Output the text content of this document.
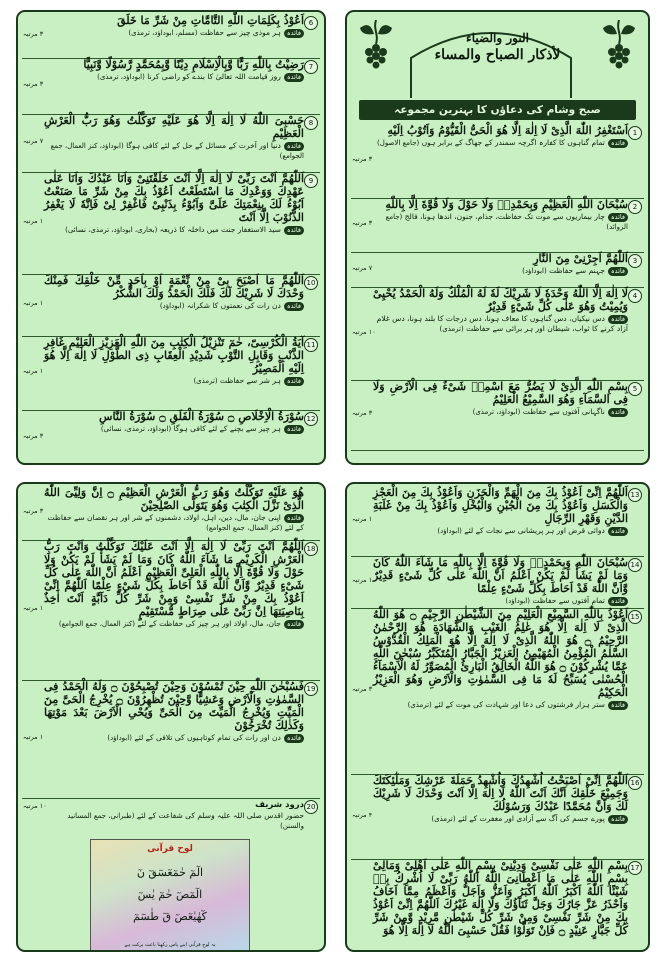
6
اَعُوْذُ بِكَلِمَاتِ اللّٰهِ التَّامَّاتِ مِنْ شَرِّ مَا خَلَقَ
فائدہہر موذی چیز سے حفاظت (مسلم، ابوداؤد، ترمذی)
۳ مرتبہ
7
رَضِیْتُ بِاللّٰهِ رَبًّا وَّبِالْاِسْلَامِ دِیْنًا وَّبِمُحَمَّدٍ رَّسُوْلًا وَّنَبِیًّا
فائدہروز قیامت اللہ تعالیٰ کا بندے کو راضی کرنا (ابوداؤد، ترمذی)
۳ مرتبہ
8
حَسْبِیَ اللّٰهُ لَا اِلٰهَ اِلَّا هُوَ عَلَیْهِ تَوَكَّلْتُ وَهُوَ رَبُّ الْعَرْشِ الْعَظِیْمِ
فائدہدنیا اور آخرت کے مسائل کے حل کے لئے کافی ہوگا (ابوداؤد، کنز العمال، جمع الجوامع)
۷ مرتبہ
9
اَللّٰهُمَّ اَنْتَ رَبِّیْ لَا اِلٰهَ اِلَّا اَنْتَ خَلَقْتَنِیْ وَاَنَا عَبْدُكَ وَاَنَا عَلٰی عَهْدِكَ وَوَعْدِكَ مَا اسْتَطَعْتُ اَعُوْذُ بِكَ مِنْ شَرِّ مَا صَنَعْتُ اَبُوْءُ لَكَ بِنِعْمَتِكَ عَلَیَّ وَاَبُوْءُ بِذَنْبِیْ فَاغْفِرْ لِیْ فَاِنَّهٗ لَا یَغْفِرُ الذُّنُوْبَ اِلَّا اَنْتَ
فائدہسید الاستغفار جنت میں داخلہ کا ذریعہ (بخاری، ابوداؤد، ترمذی، نسائی)
۱ مرتبہ
10
اَللّٰهُمَّ مَا اَصْبَحَ بِیْ مِنْ نِّعْمَةٍ اَوْ بِاَحَدٍ مِّنْ خَلْقِكَ فَمِنْكَ وَحْدَكَ لَا شَرِیْكَ لَكَ فَلَكَ الْحَمْدُ وَلَكَ الشُّكْرُ
فائدہدن رات کی نعمتوں کا شکرانہ (ابوداؤد)
۱ مرتبہ
11
آیَةُ الْكُرْسِیّ، حٰمٓ تَنْزِیْلُ الْكِتٰبِ مِنَ اللّٰهِ الْعَزِیْزِ الْعَلِیْمِ غَافِرِ الذَّنْبِ وَقَابِلِ التَّوْبِ شَدِیْدِ الْعِقَابِ ذِی الطَّوْلِ لَا اِلٰهَ اِلَّا هُوَ اِلَیْهِ الْمَصِیْرُ
فائدہہر شر سے حفاظت (ترمذی)
۱ مرتبہ
12
سُوْرَةُ الْاِخْلَاصِ ۝ سُوْرَةُ الْفَلَقِ ۝ سُوْرَةُ النَّاسِ
فائدہہر چیز سے بچنے کے لئے کافی ہوگا (ابوداؤد، ترمذی، نسائی)
۳ مرتبہ
النور والضياء
لأذكار الصباح والمساء
صبح وشام کی دعاؤں کا بہترین مجموعہ
1
اَسْتَغْفِرُ اللّٰهَ الَّذِیْ لَا اِلٰهَ اِلَّا هُوَ الْحَیُّ الْقَیُّوْمُ وَاَتُوْبُ اِلَیْهِ
فائدہتمام گناہوں کا کفارہ اگرچہ سمندر کے جھاگ کے برابر ہوں (جامع الاصول)
۳ مرتبہ
2
سُبْحَانَ اللّٰهِ الْعَظِیْمِ وَبِحَمْدِهٖ وَلَا حَوْلَ وَلَا قُوَّةَ اِلَّا بِاللّٰهِ
فائدہچار بیماریوں سے موت تک حفاظت، جذام، جنون، اندھا ہونا، فالج (جامع الزوائد)
۳ مرتبہ
3
اَللّٰهُمَّ اَجِرْنِیْ مِنَ النَّارِ
فائدہجہنم سے حفاظت (ابوداؤد)
۷ مرتبہ
4
لَا اِلٰهَ اِلَّا اللّٰهُ وَحْدَهٗ لَا شَرِیْكَ لَهٗ لَهُ الْمُلْكُ وَلَهُ الْحَمْدُ یُحْیِیْ وَیُمِیْتُ وَهُوَ عَلٰی كُلِّ شَیْءٍ قَدِیْرٌ
فائدہدس نیکیاں، دس گناہوں کا معاف ہونا، دس درجات کا بلند ہونا، دس غلام آزاد کرنے کا ثواب، شیطان اور ہر برائی سے حفاظت (ترمذی)
۱۰ مرتبہ
5
بِسْمِ اللّٰهِ الَّذِیْ لَا یَضُرُّ مَعَ اسْمِهٖ شَیْءٌ فِی الْاَرْضِ وَلَا فِی السَّمَآءِ وَهُوَ السَّمِیْعُ الْعَلِیْمُ
فائدہناگہانی آفتوں سے حفاظت (ابوداؤد، ترمذی)
۳ مرتبہ
20
درود شریف
حضور اقدس صلی اللہ علیہ وسلم کی شفاعت کے لئے (طبرانی، جمع المسانید والسنن)
۱۰ مرتبہ
لوح قرآنی
الٓمٓ حٰمٓعٓسٓقٓ نٓ
الٓمٓصٓ حٰمٓ یٰسٓ
كٓهٰیٰعٓصٓ قٓ طٰسٓمٓ
یہ لوح قرآنی اپنے پاس رکھنا باعث برکت ہے
هُوَ عَلَیْهِ تَوَكَّلْتُ وَهُوَ رَبُّ الْعَرْشِ الْعَظِیْمِ ۝ اِنَّ وَلِیِّیَ اللّٰهُ الَّذِیْ نَزَّلَ الْكِتٰبَ وَهُوَ یَتَوَلَّی الصّٰلِحِیْنَ
فائدہاپنی جان، مال، دین، اہل، اولاد، دشمنوں کے شر اور ہر نقصان سے حفاظت کے لئے (کنز العمال، جمع الجوامع)
۳ مرتبہ
18
اَللّٰهُمَّ اَنْتَ رَبِّیْ لَا اِلٰهَ اِلَّا اَنْتَ عَلَیْكَ تَوَكَّلْتُ وَاَنْتَ رَبُّ الْعَرْشِ الْكَرِیْمِ مَا شَآءَ اللّٰهُ كَانَ وَمَا لَمْ یَشَأْ لَمْ یَكُنْ وَلَا حَوْلَ وَلَا قُوَّةَ اِلَّا بِاللّٰهِ الْعَلِیِّ الْعَظِیْمِ اَعْلَمُ اَنَّ اللّٰهَ عَلٰی كُلِّ شَیْءٍ قَدِیْرٌ وَّاَنَّ اللّٰهَ قَدْ اَحَاطَ بِكُلِّ شَیْءٍ عِلْمًا اَللّٰهُمَّ اِنِّیْ اَعُوْذُ بِكَ مِنْ شَرِّ نَفْسِیْ وَمِنْ شَرِّ كُلِّ دَآبَّةٍ اَنْتَ اٰخِذٌ بِنَاصِیَتِهَا اِنَّ رَبِّیْ عَلٰی صِرَاطٍ مُّسْتَقِیْمٍ
فائدہجان، مال، اولاد اور ہر چیز کی حفاظت کے لئے (کنز العمال، جمع الجوامع)
۱ مرتبہ
19
فَسُبْحٰنَ اللّٰهِ حِیْنَ تُمْسُوْنَ وَحِیْنَ تُصْبِحُوْنَ ۝ وَلَهُ الْحَمْدُ فِی السَّمٰوٰتِ وَالْاَرْضِ وَعَشِیًّا وَّحِیْنَ تُظْهِرُوْنَ ۝ یُخْرِجُ الْحَیَّ مِنَ الْمَیِّتِ وَیُخْرِجُ الْمَیِّتَ مِنَ الْحَیِّ وَیُحْیِ الْاَرْضَ بَعْدَ مَوْتِهَا وَكَذٰلِكَ تُخْرَجُوْنَ
فائدہدن اور رات کی تمام کوتاہیوں کی تلافی کے لئے (ابوداؤد)
۱ مرتبہ
13
اَللّٰهُمَّ اِنِّیْ اَعُوْذُ بِكَ مِنَ الْهَمِّ وَالْحَزَنِ وَاَعُوْذُ بِكَ مِنَ الْعَجْزِ وَالْكَسَلِ وَاَعُوْذُ بِكَ مِنَ الْجُبْنِ وَالْبُخْلِ وَاَعُوْذُ بِكَ مِنْ غَلَبَةِ الدَّیْنِ وَقَهْرِ الرِّجَالِ
فائدہدوائی قرض اور ہر پریشانی سے نجات کے لئے (ابوداؤد)
۱ مرتبہ
14
سُبْحَانَ اللّٰهِ وَبِحَمْدِهٖ وَلَا قُوَّةَ اِلَّا بِاللّٰهِ مَا شَآءَ اللّٰهُ كَانَ وَمَا لَمْ یَشَأْ لَمْ یَكُنْ اَعْلَمُ اَنَّ اللّٰهَ عَلٰی كُلِّ شَیْءٍ قَدِیْرٌ وَّاَنَّ اللّٰهَ قَدْ اَحَاطَ بِكُلِّ شَیْءٍ عِلْمًا
فائدہتمام آفتوں سے حفاظت (ابوداؤد)
۱ مرتبہ
15
اَعُوْذُ بِاللّٰهِ السَّمِیْعِ الْعَلِیْمِ مِنَ الشَّیْطٰنِ الرَّجِیْمِ ۝ هُوَ اللّٰهُ الَّذِیْ لَا اِلٰهَ اِلَّا هُوَ عٰلِمُ الْغَیْبِ وَالشَّهَادَةِ هُوَ الرَّحْمٰنُ الرَّحِیْمُ ۝ هُوَ اللّٰهُ الَّذِیْ لَا اِلٰهَ اِلَّا هُوَ الْمَلِكُ الْقُدُّوْسُ السَّلٰمُ الْمُؤْمِنُ الْمُهَیْمِنُ الْعَزِیْزُ الْجَبَّارُ الْمُتَكَبِّرُ سُبْحٰنَ اللّٰهِ عَمَّا یُشْرِكُوْنَ ۝ هُوَ اللّٰهُ الْخَالِقُ الْبَارِئُ الْمُصَوِّرُ لَهُ الْاَسْمَآءُ الْحُسْنٰی یُسَبِّحُ لَهٗ مَا فِی السَّمٰوٰتِ وَالْاَرْضِ وَهُوَ الْعَزِیْزُ الْحَكِیْمُ
فائدہستر ہزار فرشتوں کی دعا اور شہادت کی موت کے لئے (ترمذی)
۳ مرتبہ
16
اَللّٰهُمَّ اِنِّیْ اَصْبَحْتُ اُشْهِدُكَ وَاُشْهِدُ حَمَلَةَ عَرْشِكَ وَمَلٰٓئِكَتَكَ وَجَمِیْعَ خَلْقِكَ اَنَّكَ اَنْتَ اللّٰهُ لَا اِلٰهَ اِلَّا اَنْتَ وَحْدَكَ لَا شَرِیْكَ لَكَ وَاَنَّ مُحَمَّدًا عَبْدُكَ وَرَسُوْلُكَ
فائدہپورے جسم کی آگ سے آزادی اور مغفرت کے لئے (ترمذی)
۴ مرتبہ
17
بِسْمِ اللّٰهِ عَلٰی نَفْسِیْ وَدِیْنِیْ بِسْمِ اللّٰهِ عَلٰی اَهْلِیْ وَمَالِیْ بِسْمِ اللّٰهِ عَلٰی مَا اَعْطَانِیَ اللّٰهُ اَللّٰهُ رَبِّیْ لَا اُشْرِكُ بِهٖ شَیْئًا اَللّٰهُ اَكْبَرُ اَللّٰهُ اَكْبَرُ وَاَعَزُّ وَاَجَلُّ وَاَعْظَمُ مِمَّا اَخَافُ وَاَحْذَرُ عَزَّ جَارُكَ وَجَلَّ ثَنَآؤُكَ وَلَا اِلٰهَ غَیْرُكَ اَللّٰهُمَّ اِنِّیْ اَعُوْذُ بِكَ مِنْ شَرِّ نَفْسِیْ وَمِنْ شَرِّ كُلِّ شَیْطٰنٍ مَّرِیْدٍ وَّمِنْ شَرِّ كُلِّ جَبَّارٍ عَنِیْدٍ ۝ فَاِنْ تَوَلَّوْا فَقُلْ حَسْبِیَ اللّٰهُ لَا اِلٰهَ اِلَّا هُوَ
